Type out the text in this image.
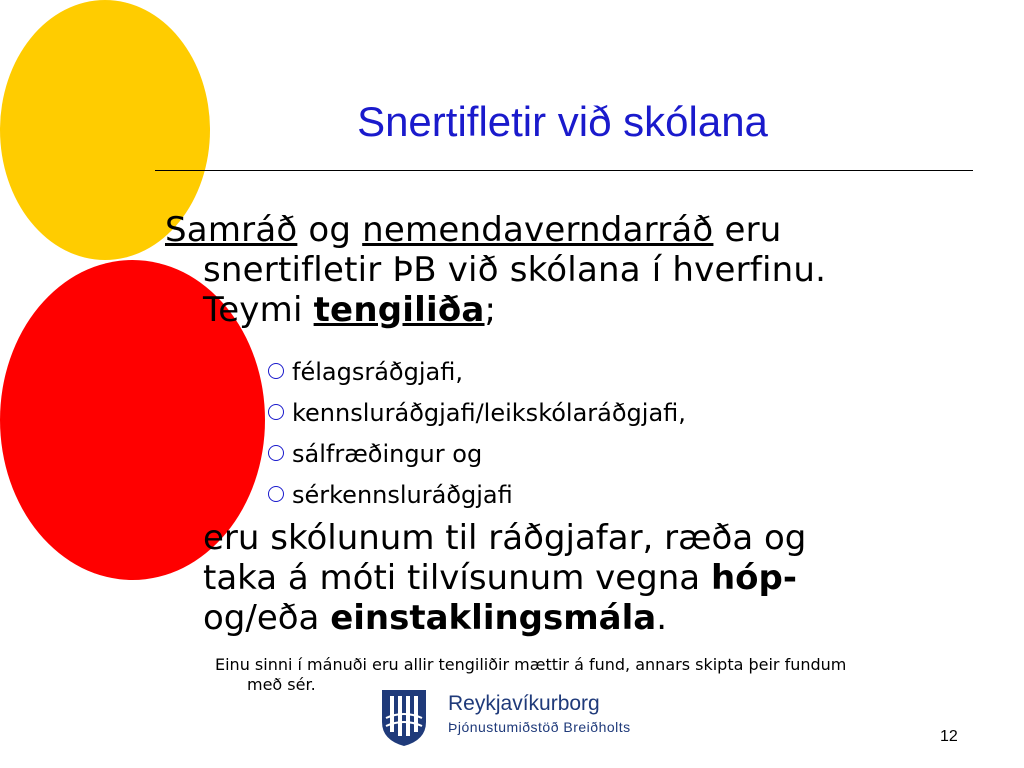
Snertifletir við skólana
Samráð og nemendaverndarráð eru
snertifletir ÞB við skólana í hverfinu.
Teymi tengiliða;
félagsráðgjafi,
kennsluráðgjafi/leikskólaráðgjafi,
sálfræðingur og
sérkennsluráðgjafi
eru skólunum til ráðgjafar, ræða og
taka á móti tilvísunum vegna hóp-
og/eða einstaklingsmála.
Einu sinni í mánuði eru allir tengiliðir mættir á fund, annars skipta þeir fundum
með sér.
Reykjavíkurborg
Þjónustumiðstöð Breiðholts
12
